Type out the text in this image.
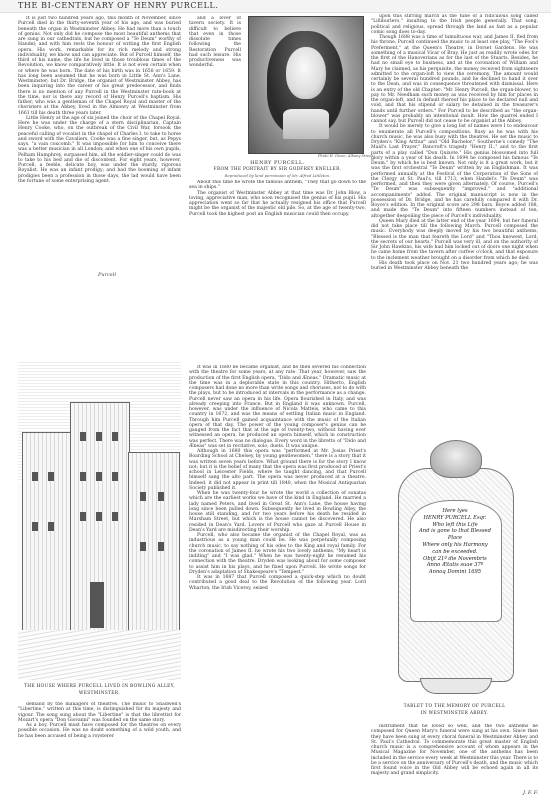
THE BI-CENTENARY OF HENRY PURCELL.

It is just two hundred years ago, this month of November, since Purcell died in the thirty-seventh year of his age, and was buried beneath the organ in Westminster Abbey. He had more than a touch of genius. Not only did he compose the most beautiful anthems that are sung in our cathedrals, but he composed a "Te Deum" worthy of Handel; and with him rests the honour of writing the first English opera. His work, remarkable for its rich melody and strong individuality, we know and can appreciate. But of Purcell himself, the third of his name, the life he lived in those troublous times of the Revolution, we know comparatively little. It is not even certain when or where he was born. The date of his birth was in 1658 or 1659. It has long been assumed that he was born in Little St. Ann's Lane, Westminster; but Dr. Bridge, the organist of Westminster Abbey, has been inquiring into the career of his great predecessor, and finds there is no mention of any Purcell in the Westminster rate-book at the time, nor is there any record of Henry Purcell's baptism. His father, who was a gentleman of the Chapel Royal and master of the choristers at the Abbey, lived in the Almonry at Westminster from 1661 till his death three years later.

Little Henry at the age of six joined the choir of the Chapel Royal. Here he was under the charge of a stern disciplinarian, Captain Henry Cooke, who, on the outbreak of the Civil War, forsook the peaceful calling of vocalist in the chapel of Charles I. to take to horse and sword with the Cavaliers. Cooke was a fine singer, but, as Pepys says, "a vain coxcomb." It was impossible for him to conceive there was a better musician in all London; and when one of his own pupils, Pelham Humphrey, surpassed him, all the soldier-singer could do was to take to his bed and die of discontent. For eight years, however, Purcell, a feeble, delicate boy, was under the sturdy, rigorous Royalist. He was an infant prodigy; and had the booming of infant prodigies been a profession in those days, the lad would have been the fortune of some enterprising agent.

and a lover of tavern society. It is difficult to believe that even in those dissolute times following the Restoration Purcell had such leisure. His productiveness was wonderful.

Photo H. Dixon, Albany Street.
HENRY PURCELL.
FROM THE PORTRAIT BY SIR GODFREY KNELLER.
Reproduced by kind permission of Mr. Alfred Littleton.

About this time he wrote the famous anthem, "They that go down to the sea in ships."

The organist of Westminster Abbey at that time was Dr. John Blow, a loving, appreciative man, who soon recognised the genius of his pupil. His appreciation went so far that he actually resigned his office that Purcell might be the organist of the majestic old pile. So, at the age of twenty-two, Purcell took the highest post an English musician could then occupy.

It was in 1680 he became organist, and he then severed his connection with the theatre for some years, at any rate. That year, however, saw the production of the first English opera, "Dido and Æneas." Dramatic music at the time was in a deplorable state in this country. Hitherto, English composers had done no more than write songs and choruses, not to do with the plays, but to be introduced at intervals in the performance as a change. Purcell never saw an opera in his life. Opera flourished in Italy, and was already creeping into France. But in England it was unknown. Purcell, however, was under the influence of Nicola Matteis, who came to this country in 1672, and was the means of settling Italian music in England. Through him Purcell gained acquaintance with the music of the Italian opera of that day. The power of the young composer's genius can be gauged from the fact that at the age of twenty-two, without having ever witnessed an opera, he produced an opera himself, which in construction was perfect. There was no dialogue. Every word in the libretto of "Dido and Æneas" was set in recitative, solo, duets. It was unique.

Although in 1680 this opera was "performed at Mr. Josias Priest's Boarding School at Chelsey, by young gentlewomen," there is a story that it was written seven years before. What ground there is for the story I know not; but it is the belief of many that the opera was first produced at Priest's school in Leicester Fields, where he taught dancing, and that Purcell himself sang the alto part. The opera was never produced at a theatre. Indeed, it did not appear in print till 1840, when the Musical Antiquarian Society published it.

When he was twenty-four he wrote the world a collection of sonatas which are the earliest works we have of the kind in England. He married a lady named Peters, and lived in Great St. Ann's Lane, the house having long since been pulled down. Subsequently he lived in Bowling Alley, the house still standing, and for two years before his death he resided in Marsham Street, but which is the house cannot be discovered. He also resided in Dean's Yard. Lovers of Purcell who gaze at Purcell House in Dean's Yard are misdirecting their worship.

Purcell, who also became the organist of the Chapel Royal, was as industrious as a young man could be. He was perpetually composing church music, to say nothing of his odes to the King and royal family. For the coronation of James II. he wrote his two lovely anthems, "My heart is inditing" and "I was glad." When he was twenty-eight he resumed his connection with the theatre. Dryden was looking about for some composer to assist him in his plays, and he fixed upon Purcell. He wrote songs for Dryden's adaptation of Shakespeare's "Tempest."

It was in 1687 that Purcell composed a quick-step which no doubt contributed a good deal to the Revolution of the following year. Lord Wharton, the Irish Viceroy, seized

upon this stirring march as the tune of a ridiculous song called "Lilliburlero," insulting to the Irish people generally. That song, political and religious, spread through the land as fast as a popular comic song does to-day.

Though 1688 was a time of tumultuous war, and James II. fled from his throne, Purcell continued the music to at least one play, "The Fool's Preferment," at the Queen's Theatre, in Dorset Gardens. He was something of a musical Vicar of Bray. He just as readily wrote odes for the first of the Hanoverians as for the last of the Stuarts. Besides, he had no small eye to business, and at the coronation of William and Mary he claimed, as his perquisite, the money received from sightseers admitted to the organ-loft to view the ceremony. The amount would certainly be several hundred pounds, and he declined to hand it over to the Dean, and was in consequence threatened with dismissal. Here is an entry of the old Chapter: "Mr. Henry Purcell, the organ-blower, to pay to Mr. Needham such money as was received by him for places in the organ-loft, and in default thereof his place to be declared null and void, and that his stipend or salary be detained in the treasurer's hands until further orders." For Purcell to be described as "the organ-blower" was probably an intentional insult. How the quarrel ended I cannot say, but Purcell did not cease to be organist at the Abbey.

It would be merely to give a long list of names were I to endeavour to enumerate all Purcell's compositions. Busy as he was with his church music, he was also busy with the theatres. He set the music to Dryden's "King Arthur" and "Old Bachelor," Southerne's comedy "The Maid's Last Prayer," Bancroft's tragedy "Henry II.," and to the first parts of a play called "Don Quixote." His genius blossomed into full glory within a year of his death. In 1694 he composed his famous "Te Deum," by which he is best known. Not only is it a great work, but it was the first orchestral "Te Deum" written by an Englishman. It was performed annually at the Festival of the Corporation of the Sons of the Clergy at St. Paul's, till 1713, when Handel's "Te Deum" was performed, and then they were given alternately. Of course, Purcell's "Te Deum" was subsequently "improved," and "additional accompaniments" added. The original manuscript is now in the possession of Dr. Bridge, and he has carefully compared it with Dr. Boyce's edition. In the original score are 298 bars. Boyce added 188, and made the "Te Deum" into fifteen numbers instead of ten, altogether despoiling the piece of Purcell's individuality.

Queen Mary died at the latter end of the year 1694, but her funeral did not take place till the following March. Purcell composed the music. Everybody was deeply moved by his two beautiful anthems, "Blessed is the man that feareth the Lord" and "Thou knowest, Lord, the secrets of our hearts." Purcell was very ill, and on the authority of Sir John Hawkins, his wife had him locked out of doors one night when he came home from the tavern after curfew o'clock, and that exposure to the inclement weather brought on a disorder from which he died.

His death took place on Nov. 21 two hundred years ago; he was buried in Westminster Abbey beneath the

Purcell
THE HOUSE WHERE PURCELL LIVED IN BOWLING ALLEY,
WESTMINSTER.

demand by the managers of theatres. The music to Shadwell's "Libertine," written at this time, is distinguished for its majesty and vigour. The song sung about the "Libertine" is that the librettist for Mozart's opera "Don Giovanni" was founded on the same story.

As a boy, Purcell must have composed for the theatres on every possible occasion. He was no doubt something of a wild youth, and he has been accused of being a roysterer

Here lyes
HENRY PURCELL Esqr.
Who left this Life
And is gone to that Blessed Place
Where only his Harmony
can be exceeded.
Obijt 21º die Novembris
Anno Ætatis suae 37º
Annoq Domini 1695
TABLET TO THE MEMORY OF PURCELL
IN WESTMINSTER ABBEY.

instrument that he loved so well, and the two anthems he composed for Queen Mary's funeral were sung at his own. Since then they have been sung at every choral funeral in Westminster Abbey and St. Paul's Cathedral. To commemorate this great master of English church music is a comprehensive account of whom appears in the Musical Magazine for November, one of the anthems has been included in the service every week at Westminster this year. There is to be a service on the anniversary of Purcell's death, and the music which first found voice in the Old Abbey will be echoed again in all its majesty and grand simplicity.

J. F. F.
